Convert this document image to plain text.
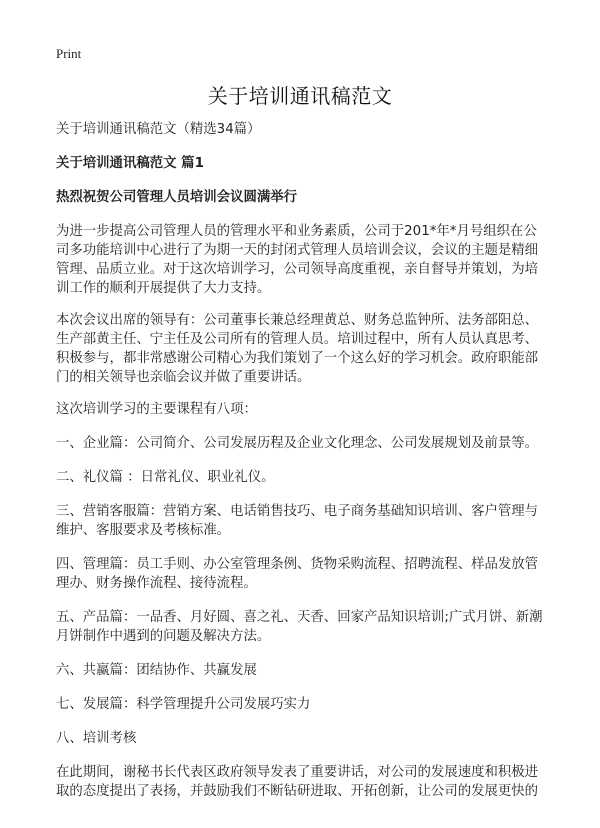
Print
关于培训通讯稿范文
关于培训通讯稿范文（精选34篇）
关于培训通讯稿范文 篇1
热烈祝贺公司管理人员培训会议圆满举行

为进一步提高公司管理人员的管理水平和业务素质，公司于201*年*月号组织在公司多功能培训中心进行了为期一天的封闭式管理人员培训会议，会议的主题是精细管理、品质立业。对于这次培训学习，公司领导高度重视，亲自督导并策划，为培训工作的顺利开展提供了大力支持。

本次会议出席的领导有：公司董事长兼总经理黄总、财务总监钟所、法务部阳总、生产部黄主任、宁主任及公司所有的管理人员。培训过程中，所有人员认真思考、积极参与，都非常感谢公司精心为我们策划了一个这么好的学习机会。政府职能部门的相关领导也亲临会议并做了重要讲话。

这次培训学习的主要课程有八项：
一、企业篇：公司简介、公司发展历程及企业文化理念、公司发展规划及前景等。
二、礼仪篇 ：日常礼仪、职业礼仪。
三、营销客服篇：营销方案、电话销售技巧、电子商务基础知识培训、客户管理与维护、客服要求及考核标准。
四、管理篇：员工手则、办公室管理条例、货物采购流程、招聘流程、样品发放管理办、财务操作流程、接待流程。
五、产品篇：一品香、月好圆、喜之礼、天香、回家产品知识培训;广式月饼、新潮月饼制作中遇到的问题及解决方法。
六、共赢篇：团结协作、共赢发展
七、发展篇：科学管理提升公司发展巧实力
八、培训考核

在此期间，谢秘书长代表区政府领导发表了重要讲话，对公司的发展速度和积极进取的态度提出了表扬，并鼓励我们不断钻研进取、开拓创新，让公司的发展更快的
